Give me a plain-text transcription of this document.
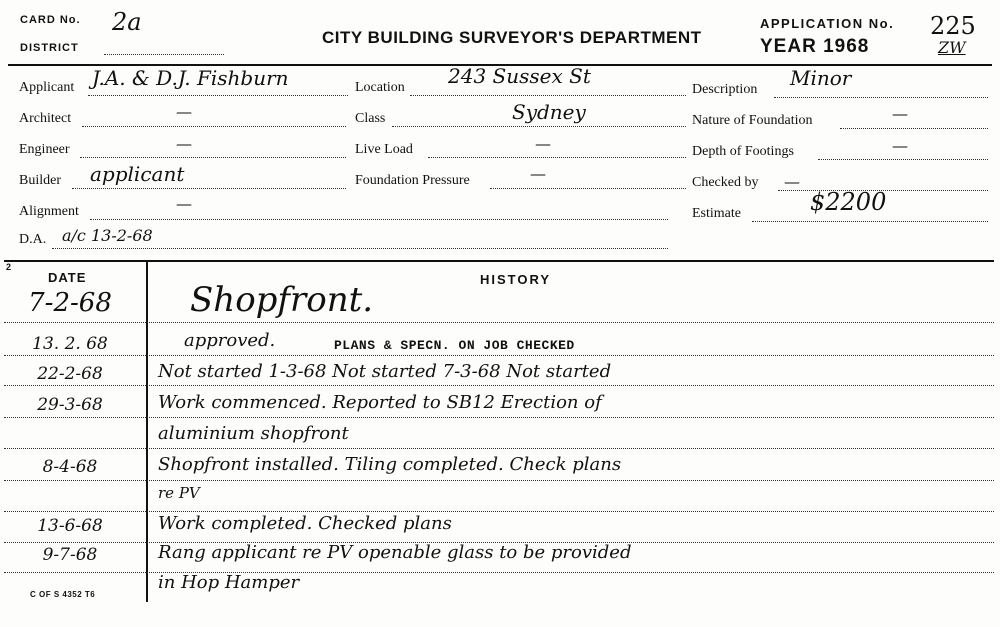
CARD No. 2a
DISTRICT
CITY BUILDING SURVEYOR'S DEPARTMENT
APPLICATION No. 225
YEAR 1968	ZW
Applicant J.A. & D.J. Fishburn
Architect	—
Engineer	—
Builder applicant
Alignment	—
D.A. a/c 13-2-68
Location 243 Sussex St
Class	Sydney
Live Load	—
Foundation Pressure	—
Description Minor
Nature of Foundation	—
Depth of Footings	—
Checked by —
Estimate	$2200
2
DATE	HISTORY
7-2-68	Shopfront.
13. 2. 68	approved.	PLANS & SPECN. ON JOB CHECKED
22-2-68	Not started 1-3-68 Not started 7-3-68 Not started
29-3-68	Work commenced. Reported to SB12 Erection of
aluminium shopfront
8-4-68	Shopfront installed. Tiling completed. Check plans
re PV
13-6-68	Work completed. Checked plans
9-7-68	Rang applicant re PV openable glass to be provided
in Hop Hamper
C OF S 4352 T6
